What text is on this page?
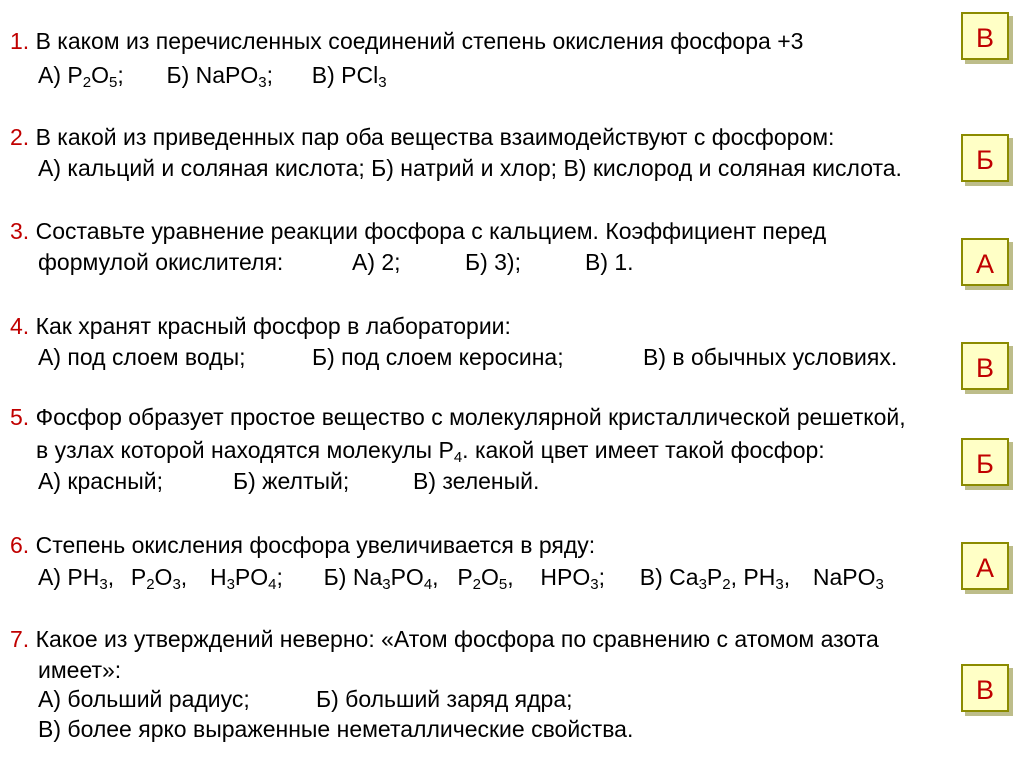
1. В каком из перечисленных соединений степень окисления фосфора +3
А) $P_2O_5$; Б) NaPO$_3$; В) PCl$_3$
В
2. В какой из приведенных пар оба вещества взаимодействуют с фосфором:
А) кальций и соляная кислота; Б) натрий и хлор; В) кислород и соляная кислота.	Б
3. Составьте уравнение реакции фосфора с кальцием. Коэффициент перед
формулой окислителя:	А) 2;	Б) 3);	В) 1.	А
4. Как хранят красный фосфор в лаборатории:
А) под слоем воды;	Б) под слоем керосина;	В) в обычных условиях.	В
5. Фосфор образует простое вещество с молекулярной кристаллической решеткой,
в узлах которой находятся молекулы $P_4$. какой цвет имеет такой фосфор:
А) красный;	Б) желтый;	В) зеленый.
Б
6. Степень окисления фосфора увеличивается в ряду:
А) $PH_3$, $P_2O_3$, $H_3PO_4$; Б) $Na_3PO_4$, $P_2O_5$, $HPO_3$; В) $Ca_3P_2$, $PH_3$, NaPO$_3$
А
7. Какое из утверждений неверно: «Атом фосфора по сравнению с атомом азота
имеет»:
А) больший радиус;	Б) больший заряд ядра;
В) более ярко выраженные неметаллические свойства.
В
